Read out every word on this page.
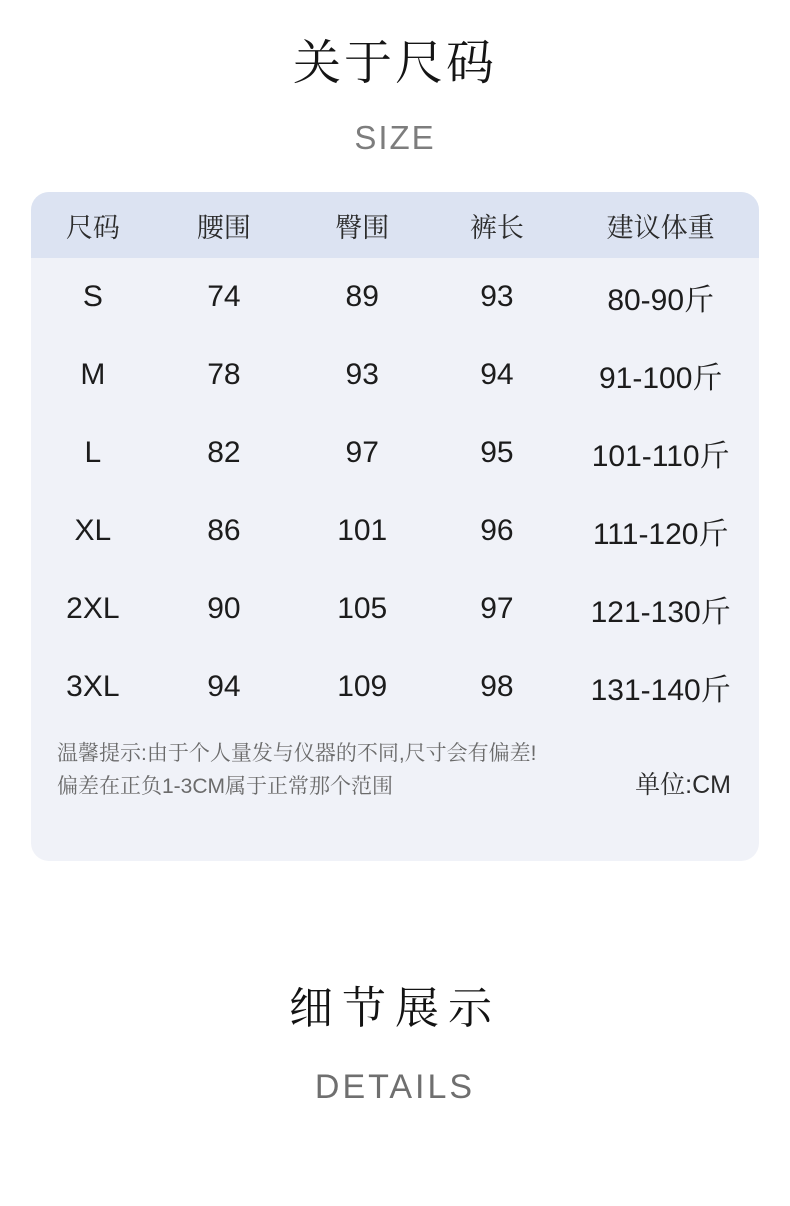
关于尺码
SIZE
尺码	腰围	臀围	裤长	建议体重
S	74	89	93	80-90斤
M	78	93	94	91-100斤
L	82	97	95	101-110斤
XL	86	101	96	111-120斤
2XL	90	105	97	121-130斤
3XL	94	109	98	131-140斤
温馨提示:由于个人量发与仪器的不同,尺寸会有偏差!
偏差在正负1-3CM属于正常那个范围	单位:CM
细节展示
DETAILS
